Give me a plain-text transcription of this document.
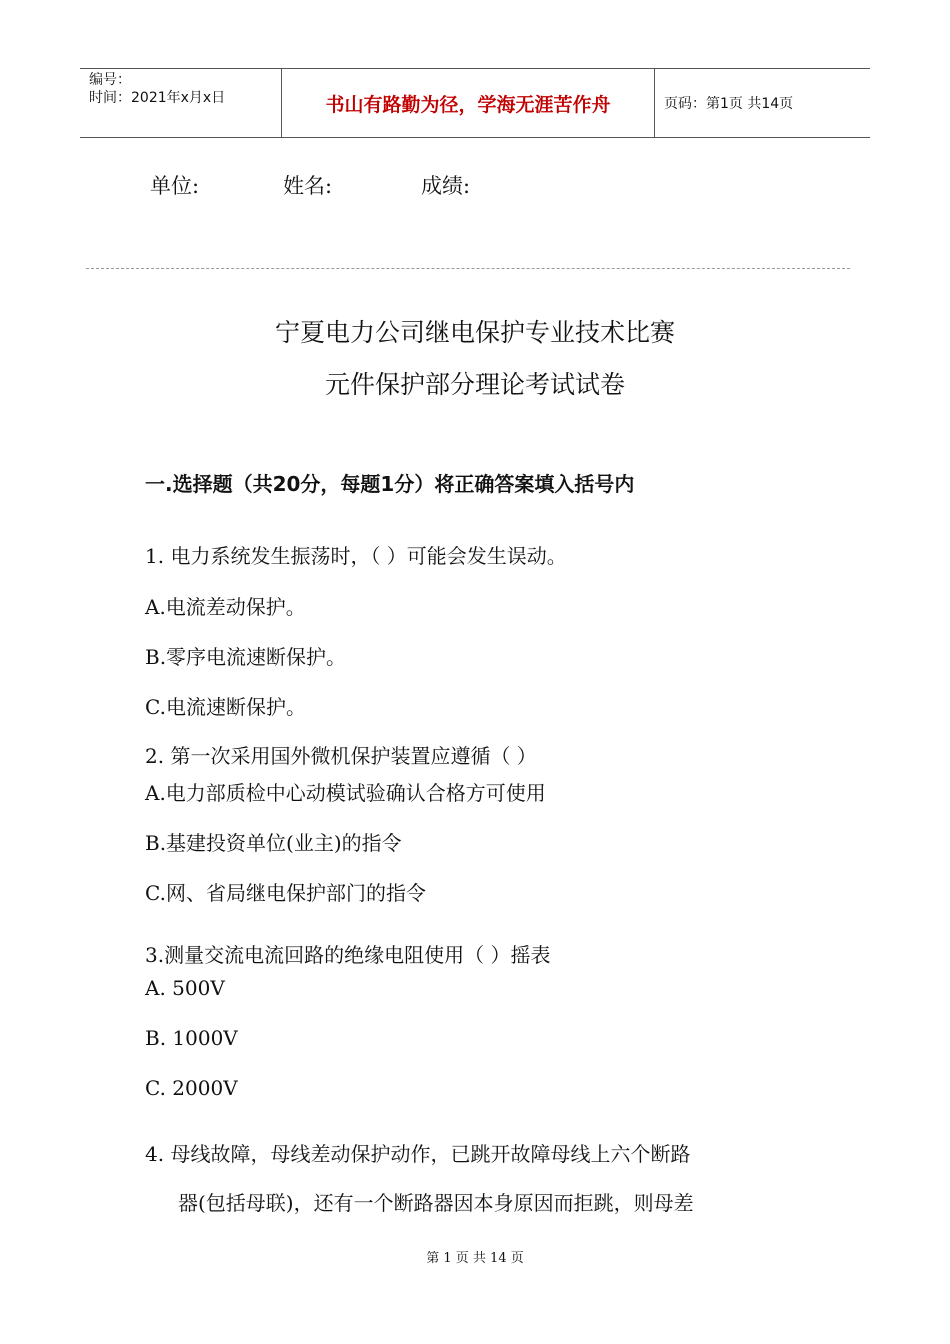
编号：
时间：2021年x月x日	书山有路勤为径，学海无涯苦作舟	页码：第1页 共14页
单位:	姓名:	成绩:
宁夏电力公司继电保护专业技术比赛
元件保护部分理论考试试卷
一.选择题（共20分，每题1分）将正确答案填入括号内
1. 电力系统发生振荡时，（ ）可能会发生误动。
A.电流差动保护。
B.零序电流速断保护。
C.电流速断保护。
2. 第一次采用国外微机保护装置应遵循（ ）
A.电力部质检中心动模试验确认合格方可使用
B.基建投资单位(业主)的指令
C.网、省局继电保护部门的指令
3.测量交流电流回路的绝缘电阻使用（ ）摇表
A. 500V
B. 1000V
C. 2000V
4. 母线故障，母线差动保护动作，已跳开故障母线上六个断路
器(包括母联)，还有一个断路器因本身原因而拒跳，则母差
第 1 页 共 14 页
